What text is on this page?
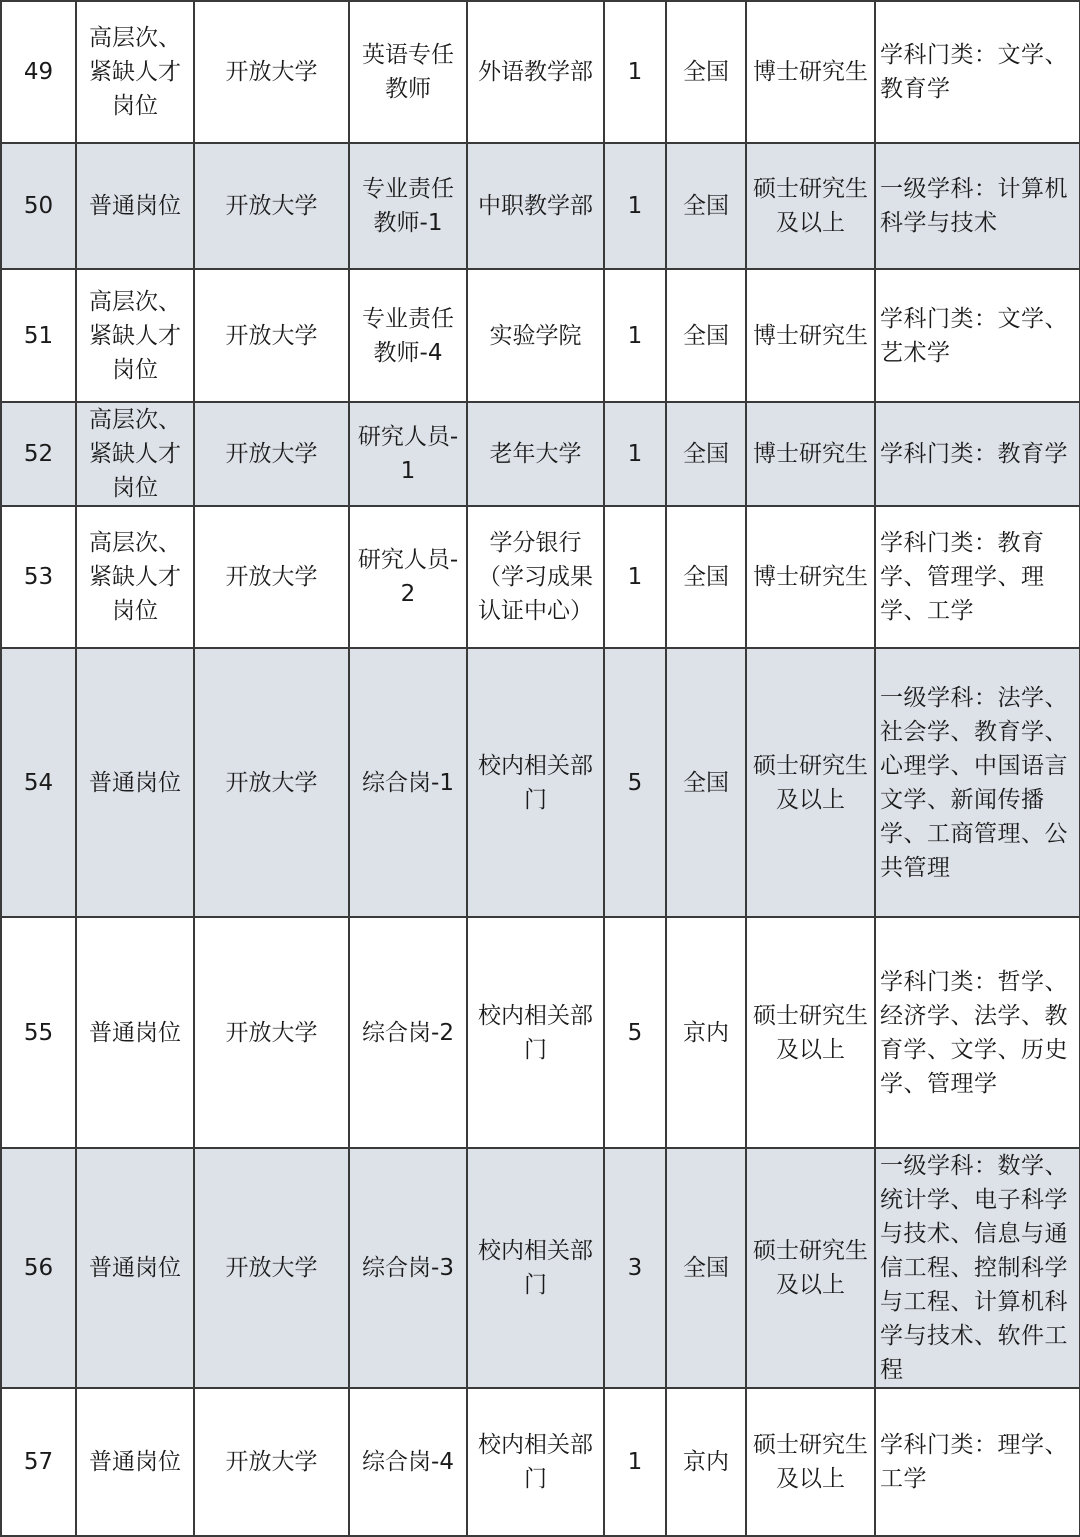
49	高层次、紧缺人才岗位	开放大学	英语专任教师	外语教学部	1	全国	博士研究生	学科门类：文学、教育学
50	普通岗位	开放大学	专业责任教师-1	中职教学部	1	全国	硕士研究生及以上	一级学科：计算机科学与技术
51	高层次、紧缺人才岗位	开放大学	专业责任教师-4	实验学院	1	全国	博士研究生	学科门类：文学、艺术学
52	高层次、紧缺人才岗位	开放大学	研究人员-1	老年大学	1	全国	博士研究生	学科门类：教育学
53	高层次、紧缺人才岗位	开放大学	研究人员-2	学分银行（学习成果认证中心）	1	全国	博士研究生	学科门类：教育学、管理学、理学、工学
54	普通岗位	开放大学	综合岗-1	校内相关部门	5	全国	硕士研究生及以上	一级学科：法学、社会学、教育学、心理学、中国语言文学、新闻传播学、工商管理、公共管理
55	普通岗位	开放大学	综合岗-2	校内相关部门	5	京内	硕士研究生及以上	学科门类：哲学、经济学、法学、教育学、文学、历史学、管理学
56	普通岗位	开放大学	综合岗-3	校内相关部门	3	全国	硕士研究生及以上	一级学科：数学、统计学、电子科学与技术、信息与通信工程、控制科学与工程、计算机科学与技术、软件工程
57	普通岗位	开放大学	综合岗-4	校内相关部门	1	京内	硕士研究生及以上	学科门类：理学、工学
